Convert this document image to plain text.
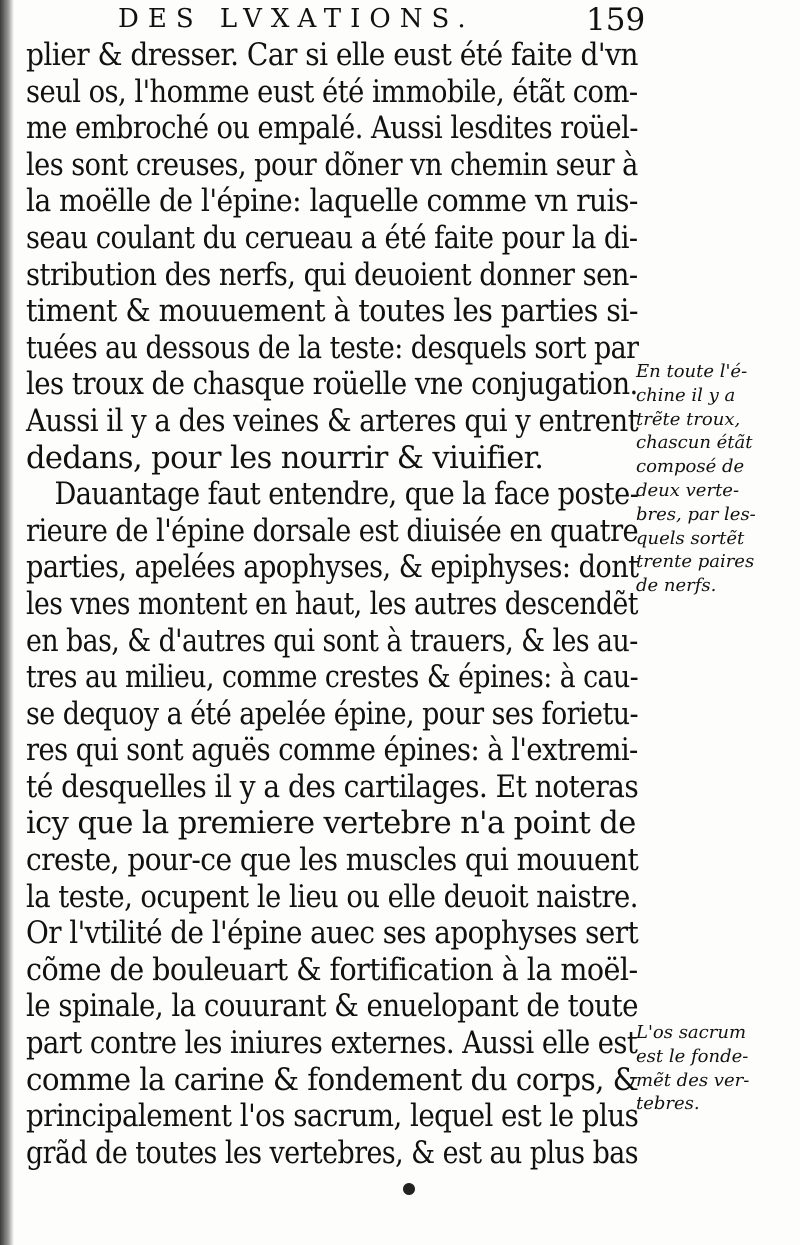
DES LVXATIONS.	159
plier & dresser. Car si elle eust été faite d'vn
seul os, l'homme eust été immobile, étãt com-
me embroché ou empalé. Aussi lesdites roüel-
les sont creuses, pour dõner vn chemin seur à
la moëlle de l'épine: laquelle comme vn ruis-
seau coulant du cerueau a été faite pour la di-
stribution des nerfs, qui deuoient donner sen-
timent & mouuement à toutes les parties si-
tuées au dessous de la teste: desquels sort par
les troux de chasque roüelle vne conjugation.
Aussi il y a des veines & arteres qui y entrent
dedans, pour les nourrir & viuifier.
Dauantage faut entendre, que la face poste-
rieure de l'épine dorsale est diuisée en quatre
parties, apelées apophyses, & epiphyses: dont
les vnes montent en haut, les autres descendẽt
en bas, & d'autres qui sont à trauers, & les au-
tres au milieu, comme crestes & épines: à cau-
se dequoy a été apelée épine, pour ses forietu-
res qui sont aguës comme épines: à l'extremi-
té desquelles il y a des cartilages. Et noteras
icy que la premiere vertebre n'a point de
creste, pour-ce que les muscles qui mouuent
la teste, ocupent le lieu ou elle deuoit naistre.
Or l'vtilité de l'épine auec ses apophyses sert
cõme de bouleuart & fortification à la moël-
le spinale, la couurant & enuelopant de toute
part contre les iniures externes. Aussi elle est
comme la carine & fondement du corps, &
principalement l'os sacrum, lequel est le plus
grãd de toutes les vertebres, & est au plus bas
En toute l'é-
chine il y a
trẽte troux,
chascun étãt
composé de
deux verte-
bres, par les-
quels sortẽt
trente paires
de nerfs.
L'os sacrum
est le fonde-
mẽt des ver-
tebres.
